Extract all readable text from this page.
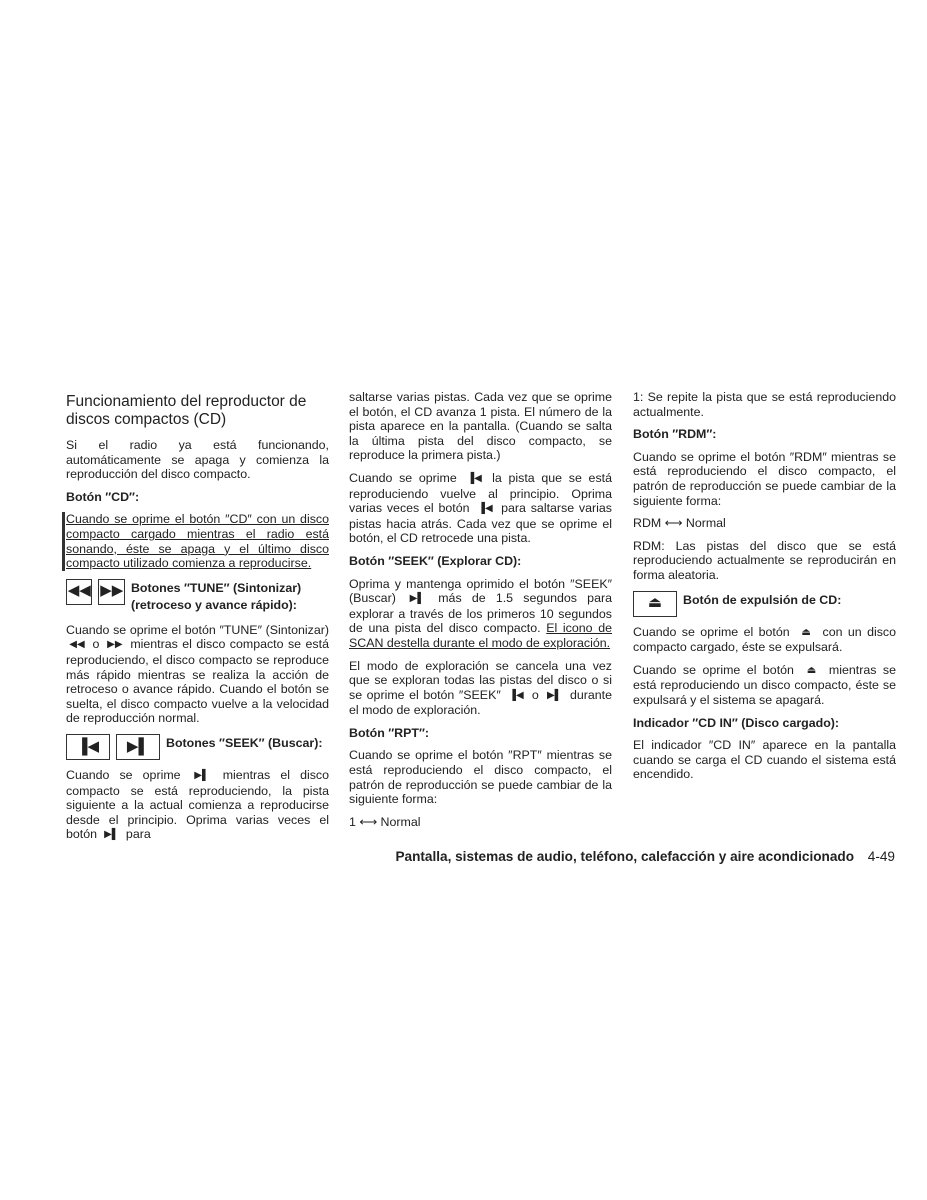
Funcionamiento del reproductor de discos compactos (CD)

Si el radio ya está funcionando, automáticamente se apaga y comienza la reproducción del disco compacto.

Botón ″CD″:

Cuando se oprime el botón ″CD″ con un disco compacto cargado mientras el radio está sonando, éste se apaga y el último disco compacto utilizado comienza a reproducirse.

◀◀ ▶▶ Botones ″TUNE″ (Sintonizar) (retroceso y avance rápido):

Cuando se oprime el botón ″TUNE″ (Sintonizar) ◀◀ o ▶▶ mientras el disco compacto se está reproduciendo, el disco compacto se reproduce más rápido mientras se realiza la acción de retroceso o avance rápido. Cuando el botón se suelta, el disco compacto vuelve a la velocidad de reproducción normal.

▐◀	▶▌	Botones ″SEEK″ (Buscar):

Cuando se oprime ▶▌ mientras el disco compacto se está reproduciendo, la pista siguiente a la actual comienza a reproducirse desde el principio. Oprima varias veces el botón ▶▌ para

saltarse varias pistas. Cada vez que se oprime el botón, el CD avanza 1 pista. El número de la pista aparece en la pantalla. (Cuando se salta la última pista del disco compacto, se reproduce la primera pista.)

Cuando se oprime ▐◀ la pista que se está reproduciendo vuelve al principio. Oprima varias veces el botón ▐◀ para saltarse varias pistas hacia atrás. Cada vez que se oprime el botón, el CD retrocede una pista.

Botón ″SEEK″ (Explorar CD):

Oprima y mantenga oprimido el botón ″SEEK″ (Buscar) ▶▌ más de 1.5 segundos para explorar a través de los primeros 10 segundos de una pista del disco compacto. El icono de SCAN destella durante el modo de exploración.

El modo de exploración se cancela una vez que se exploran todas las pistas del disco o si se oprime el botón ″SEEK″ ▐◀ o ▶▌ durante el modo de exploración.

Botón ″RPT″:

Cuando se oprime el botón ″RPT″ mientras se está reproduciendo el disco compacto, el patrón de reproducción se puede cambiar de la siguiente forma:

1 ⟷ Normal

1: Se repite la pista que se está reproduciendo actualmente.

Botón ″RDM″:

Cuando se oprime el botón ″RDM″ mientras se está reproduciendo el disco compacto, el patrón de reproducción se puede cambiar de la siguiente forma:

RDM ⟷ Normal

RDM: Las pistas del disco que se está reproduciendo actualmente se reproducirán en forma aleatoria.

⏏	Botón de expulsión de CD:

Cuando se oprime el botón ⏏ con un disco compacto cargado, éste se expulsará.

Cuando se oprime el botón ⏏ mientras se está reproduciendo un disco compacto, éste se expulsará y el sistema se apagará.

Indicador ″CD IN″ (Disco cargado):

El indicador ″CD IN″ aparece en la pantalla cuando se carga el CD cuando el sistema está encendido.

Pantalla, sistemas de audio, teléfono, calefacción y aire acondicionado 4-49
